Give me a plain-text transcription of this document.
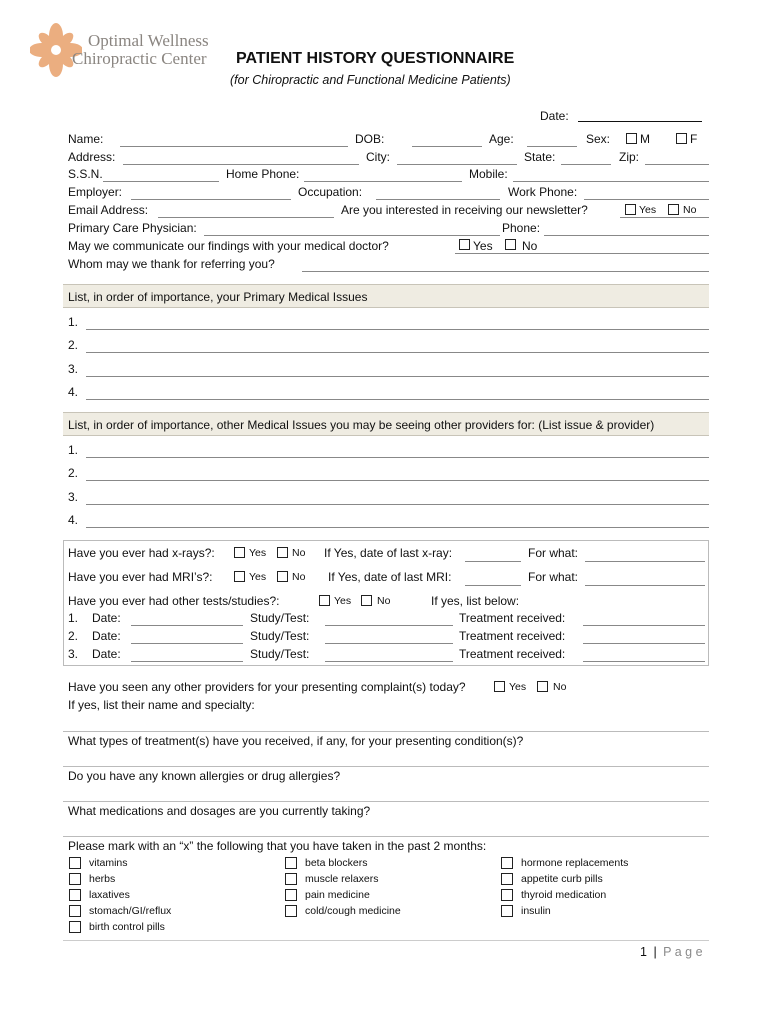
Optimal Wellness
Chiropractic Center PATIENT HISTORY QUESTIONNAIRE
(for Chiropractic and Functional Medicine Patients)
Date:
Name:	DOB:	Age:	Sex: M	F
Address:	City:	State:	Zip:
S.S.N.	Home Phone:	Mobile:
Employer:	Occupation:	Work Phone:
Email Address:	Are you interested in receiving our newsletter?	Yes	No
Primary Care Physician:	Phone:
May we communicate our findings with your medical doctor?	Yes No
Whom may we thank for referring you?
List, in order of importance, your Primary Medical Issues
1.
2.
3.
4.
List, in order of importance, other Medical Issues you may be seeing other providers for: (List issue & provider)
1.
2.
3.
4.
Have you ever had x-rays?:	Yes No If Yes, date of last x-ray:	For what:
Have you ever had MRI’s?:	Yes No If Yes, date of last MRI:	For what:
Have you ever had other tests/studies?:	Yes No	If yes, list below:
1. Date:	Study/Test:	Treatment received:
2. Date:	Study/Test:	Treatment received:
3. Date:	Study/Test:	Treatment received:
Have you seen any other providers for your presenting complaint(s) today?	Yes	No
If yes, list their name and specialty:
What types of treatment(s) have you received, if any, for your presenting condition(s)?
Do you have any known allergies or drug allergies?
What medications and dosages are you currently taking?
Please mark with an “x” the following that you have taken in the past 2 months:
vitamins
herbs
laxatives
stomach/GI/reflux
birth control pills
beta blockers
muscle relaxers
pain medicine
cold/cough medicine
hormone replacements
appetite curb pills
thyroid medication
insulin
1 | P a g e
